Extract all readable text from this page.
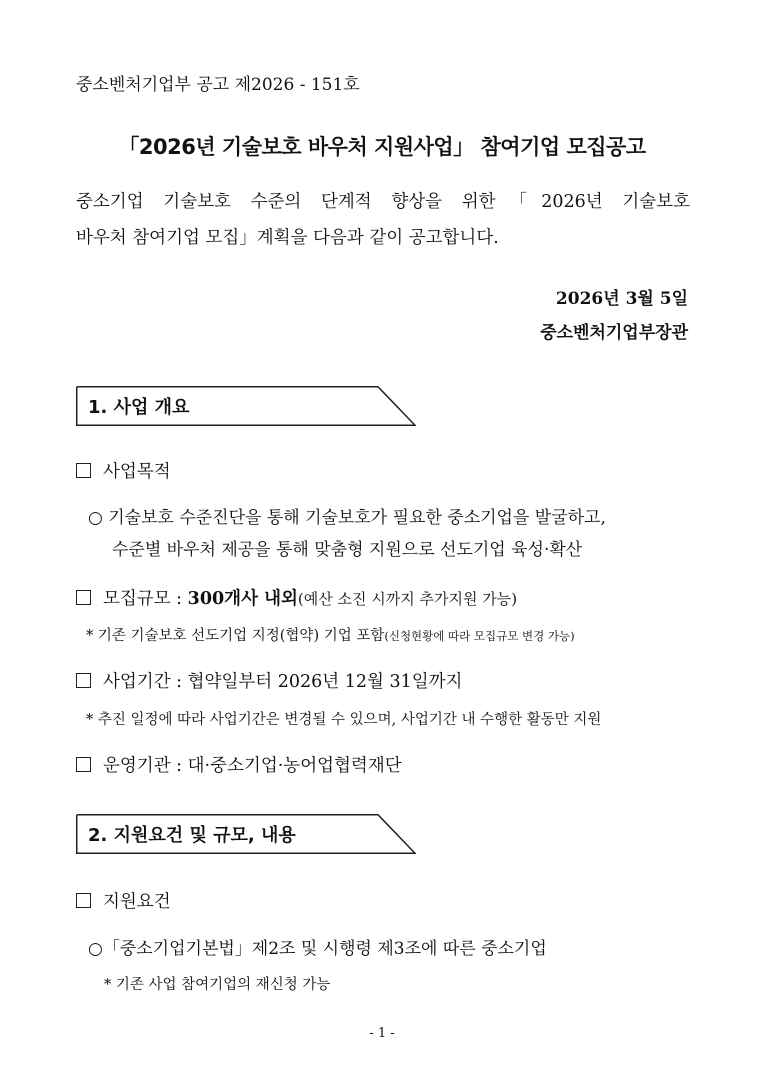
중소벤처기업부 공고 제2026 - 151호
「2026년 기술보호 바우처 지원사업」 참여기업 모집공고
중소기업 기술보호 수준의 단계적 향상을 위한「2026년 기술보호
바우처 참여기업 모집」계획을 다음과 같이 공고합니다.
2026년 3월 5일
중소벤처기업부장관
1. 사업 개요
사업목적
○ 기술보호 수준진단을 통해 기술보호가 필요한 중소기업을 발굴하고,
수준별 바우처 제공을 통해 맞춤형 지원으로 선도기업 육성·확산
모집규모 : 300개사 내외(예산 소진 시까지 추가지원 가능)
* 기존 기술보호 선도기업 지정(협약) 기업 포함(신청현황에 따라 모집규모 변경 가능)
사업기간 : 협약일부터 2026년 12월 31일까지
* 추진 일정에 따라 사업기간은 변경될 수 있으며, 사업기간 내 수행한 활동만 지원
운영기관 : 대·중소기업·농어업협력재단
2. 지원요건 및 규모, 내용
지원요건
○「중소기업기본법」제2조 및 시행령 제3조에 따른 중소기업
* 기존 사업 참여기업의 재신청 가능
- 1 -
